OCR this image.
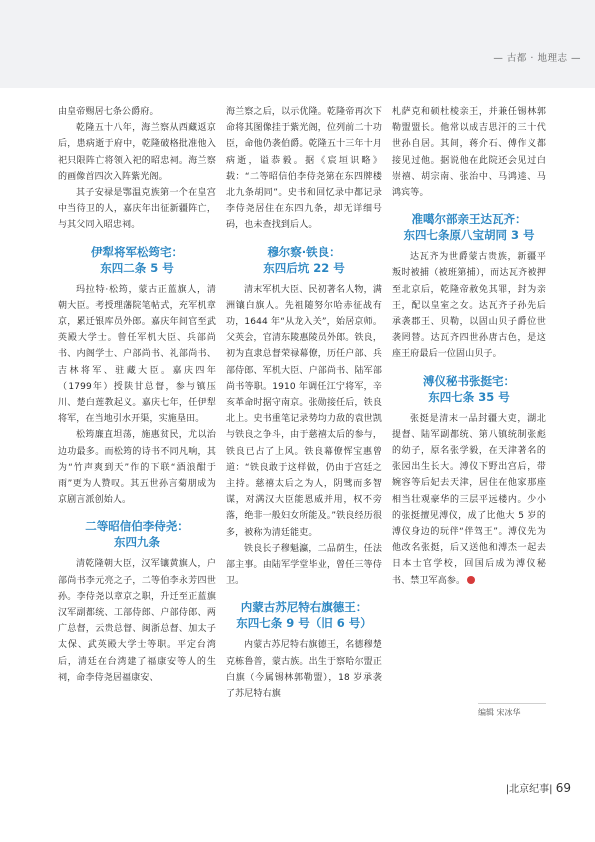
— 古都 · 地理志 —

由皇帝赐居七条公爵府。

乾隆五十八年，海兰察从西藏返京后，患病逝于府中，乾隆破格批准他入祀只限阵亡将领入祀的昭忠祠。海兰察的画像首四次入阵紫光阁。

其子安禄是鄂温克族第一个在皇宫中当待卫的人，嘉庆年出征新疆阵亡，与其父同入昭忠祠。

伊犁将军松筠宅：
东四二条 5 号

玛拉特·松筠，蒙古正蓝旗人，清朝大臣。考授理藩院笔帖式，充军机章京，累迁银库员外郎。嘉庆年间官至武英殿大学士。曾任军机大臣、兵部尚书、内阁学士、户部尚书、礼部尚书、吉林将军、驻藏大臣。嘉庆四年（1799年）授陕甘总督，参与镇压川、楚白莲教起义。嘉庆七年，任伊犁将军，在当地引水开渠，实施垦田。

松筠廉直坦荡，施惠贫民，尤以治边功最多。而松筠的诗书不同凡响，其为“竹声爽到天”作的下联“酒浪酣于雨”更为人赞叹。其五世孙言菊朋成为京剧言派创始人。

二等昭信伯李侍尧：
东四九条

清乾隆朝大臣，汉军镶黄旗人，户部尚书李元亮之子，二等伯李永芳四世孙。李侍尧以章京之职，升迁至正蓝旗汉军副都统、工部侍郎、户部侍郎、两广总督，云贵总督、闽浙总督、加太子太保、武英殿大学士等职。平定台湾后，清廷在台湾建了福康安等人的生祠，命李侍尧居福康安、

海兰察之后，以示优隆。乾隆帝再次下命将其图像挂于紫光阁，位列前二十功臣，命他仍袭伯爵。乾隆五十三年十月病逝，谥恭毅。据《宸垣识略》载：“二等昭信伯李侍尧第在东四牌楼北九条胡同”。史书和回忆录中都记录李侍尧居住在东四九条，却无详细号码，也未查找到后人。

穆尔察·铁良：
东四后坑 22 号

清末军机大臣、民初著名人物，满洲镶白旗人。先祖随努尔哈赤征战有功，1644 年“从龙入关”，始居京师。父英会，官清东陵惠陵员外郎。铁良，初为直隶总督荣禄幕僚，历任户部、兵部侍郎、军机大臣、户部尚书、陆军部尚书等职。1910 年调任江宁将军，辛亥革命时据守南京。张勋接任后，铁良北上。史书重笔记录势均力敌的袁世凯与铁良之争斗，由于慈禧太后的参与，铁良已占了上风。铁良幕僚恽宝惠曾道：“铁良敢于这样做，仍由于宫廷之主持。慈禧太后之为人，阴骘而多智谋，对满汉大臣能恩威并用，权不旁落，绝非一般妇女所能及。”铁良经历很多，被称为清廷能吏。

铁良长子穆魁瀛，二品荫生，任法部主事。由陆军学堂毕业，曾任三等侍卫。

内蒙古苏尼特右旗德王：
东四七条 9 号（旧 6 号）

内蒙古苏尼特右旗德王，名德穆楚克栋鲁普，蒙古族。出生于察哈尔盟正白旗（今属锡林郭勒盟），18 岁承袭了苏尼特右旗

札萨克和硕杜棱亲王，并兼任锡林郭勒盟盟长。他常以成吉思汗的三十代世孙自居。其间，蒋介石、傅作义都接见过他。据说他在此院还会见过白崇禧、胡宗南、张治中、马鸿逵、马鸿宾等。

准噶尔部亲王达瓦齐：
东四七条原八宝胡同 3 号

达瓦齐为世爵蒙古贵族，新疆平叛时被捕（被班第捕），而达瓦齐被押至北京后，乾隆帝赦免其罪，封为亲王，配以皇室之女。达瓦齐子孙先后承袭郡王、贝勒，以固山贝子爵位世袭罔替。达瓦齐四世孙唐古色，是这座王府最后一位固山贝子。

溥仪秘书张挺宅：
东四七条 35 号

张挺是清末一品封疆大吏，湖北提督、陆军副都统、第八镇统制张彪的幼子，原名张学毅，在天津著名的张园出生长大。溥仪下野出宫后，带婉容等后妃去天津，居住在他家那座相当壮观豪华的三层平远楼内。少小的张挺擅见溥仪，成了比他大 5 岁的溥仪身边的玩伴“伴驾王”。溥仪先为他改名张挺，后又送他和溥杰一起去日本士官学校，回国后成为溥仪秘书、禁卫军高参。

编辑 宋冰华
|北京纪事| 69
